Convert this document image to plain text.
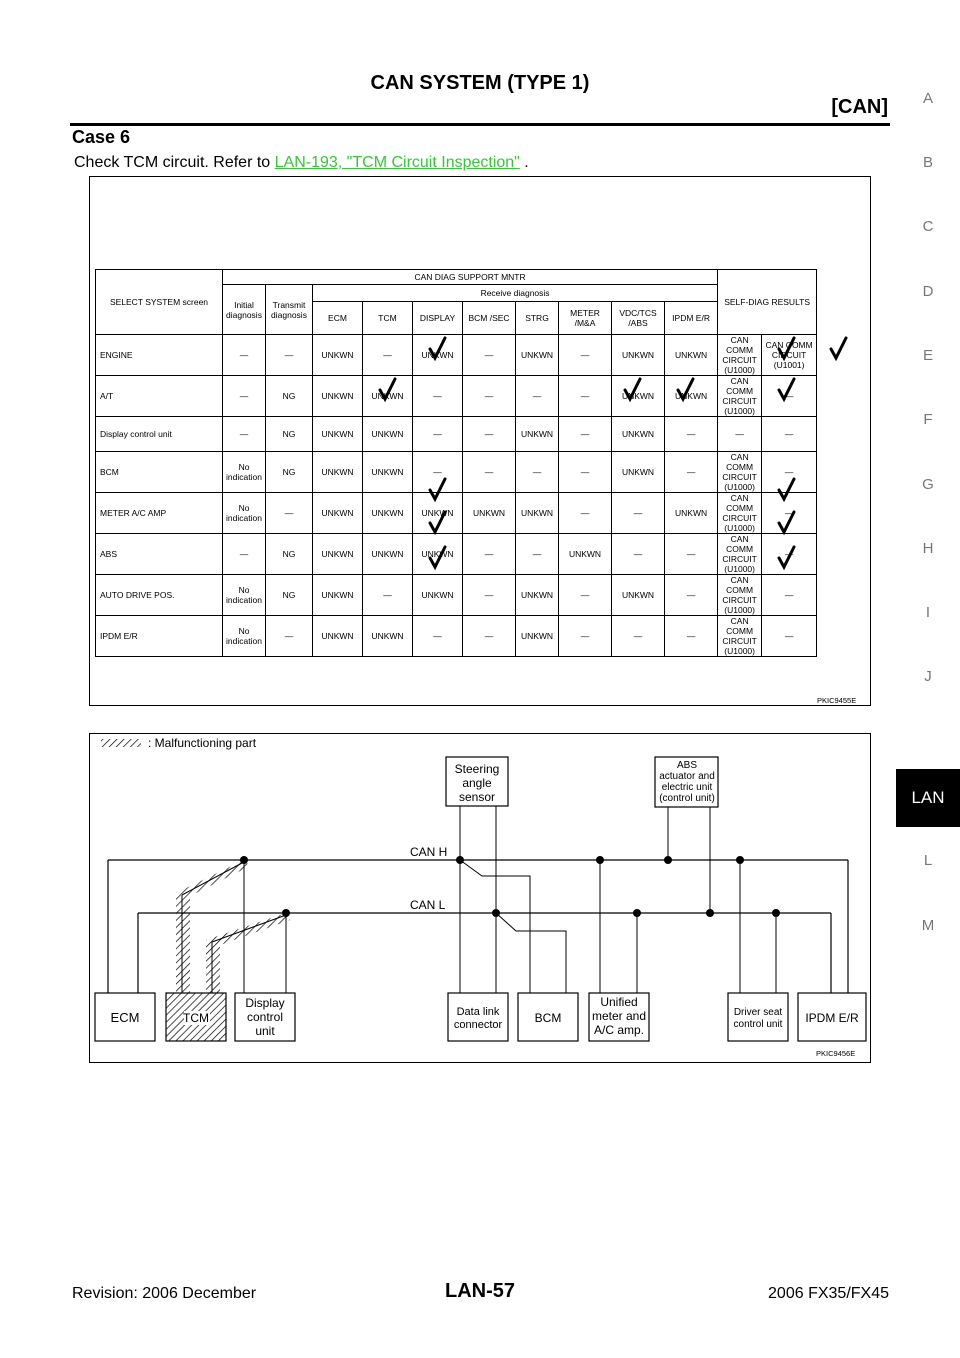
CAN SYSTEM (TYPE 1)
[CAN]
Case 6
Check TCM circuit. Refer to LAN-193, "TCM Circuit Inspection" .
A
B
C
D
E
F
G
H
I
J
LAN
L
M
SELECT SYSTEM screen	CAN DIAG SUPPORT MNTR										SELF-DIAG RESULTS	
	Initial diagnosis	Transmit diagnosis	Receive diagnosis									
			ECM	TCM	DISPLAY	BCM /SEC	STRG	METER /M&A	VDC/TCS /ABS	IPDM E/R		
ENGINE	—	—	UNKWN	—	UNKWN	—	UNKWN	—	UNKWN	UNKWN	CAN COMM CIRCUIT (U1000)	CAN COMM CIRCUIT (U1001)
A/T	—	NG	UNKWN	UNKWN	—	—	—	—	UNKWN	UNKWN	CAN COMM CIRCUIT (U1000)	—
Display control unit	—	NG	UNKWN	UNKWN	—	—	UNKWN	—	UNKWN	—	—	—
BCM	No indication	NG	UNKWN	UNKWN	—	—	—	—	UNKWN	—	CAN COMM CIRCUIT (U1000)	—
METER A/C AMP	No indication	—	UNKWN	UNKWN	UNKWN	UNKWN	UNKWN	—	—	UNKWN	CAN COMM CIRCUIT (U1000)	—
ABS	—	NG	UNKWN	UNKWN	UNKWN	—	—	UNKWN	—	—	CAN COMM CIRCUIT (U1000)	—
AUTO DRIVE POS.	No indication	NG	UNKWN	—	UNKWN	—	UNKWN	—	UNKWN	—	CAN COMM CIRCUIT (U1000)	—
IPDM E/R	No indication	—	UNKWN	UNKWN	—	—	UNKWN	—	—	—	CAN COMM CIRCUIT (U1000)	—
PKIC9455E
: Malfunctioning part
CAN H
CAN L
Steering
angle
sensor
ABS
actuator and
electric unit
(control unit)
ECM	TCM
Display
control
unit
Data link
connector	BCM
Unified
meter and
A/C amp.
Driver seat
control unit IPDM E/R
PKIC9456E
Revision: 2006 December	LAN-57	2006 FX35/FX45
